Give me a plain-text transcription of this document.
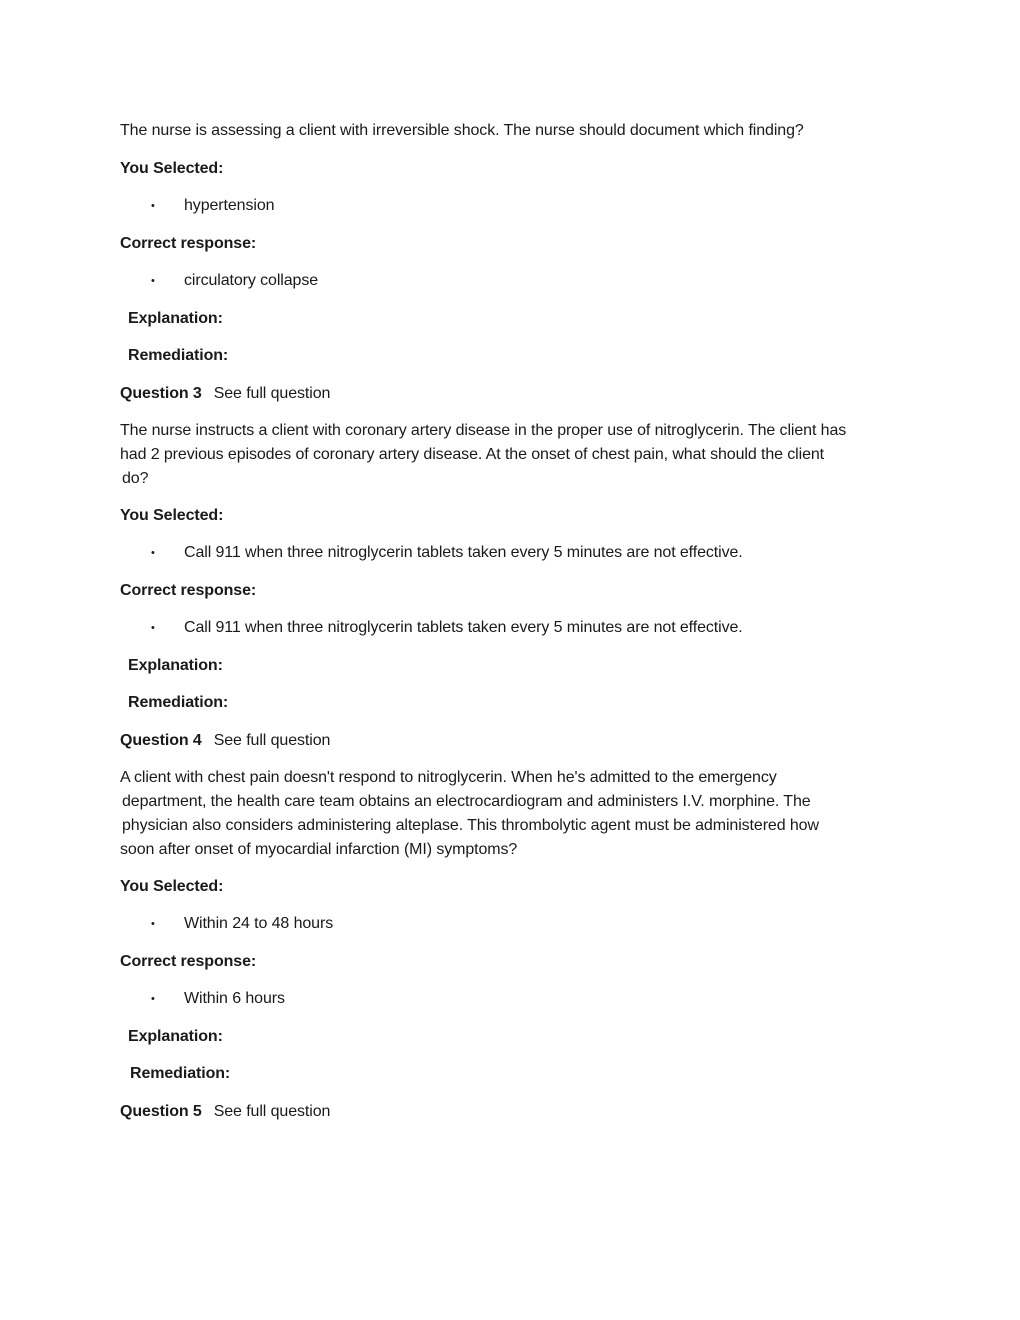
The nurse is assessing a client with irreversible shock. The nurse should document which finding?
You Selected:
• hypertension
Correct response:
• circulatory collapse
Explanation:
Remediation:
Question 3 See full question
The nurse instructs a client with coronary artery disease in the proper use of nitroglycerin. The client has
had 2 previous episodes of coronary artery disease. At the onset of chest pain, what should the client
do?
You Selected:
• Call 911 when three nitroglycerin tablets taken every 5 minutes are not effective.
Correct response:
• Call 911 when three nitroglycerin tablets taken every 5 minutes are not effective.
Explanation:
Remediation:
Question 4 See full question
A client with chest pain doesn't respond to nitroglycerin. When he's admitted to the emergency
department, the health care team obtains an electrocardiogram and administers I.V. morphine. The
physician also considers administering alteplase. This thrombolytic agent must be administered how
soon after onset of myocardial infarction (MI) symptoms?
You Selected:
• Within 24 to 48 hours
Correct response:
• Within 6 hours
Explanation:
Remediation:
Question 5 See full question
